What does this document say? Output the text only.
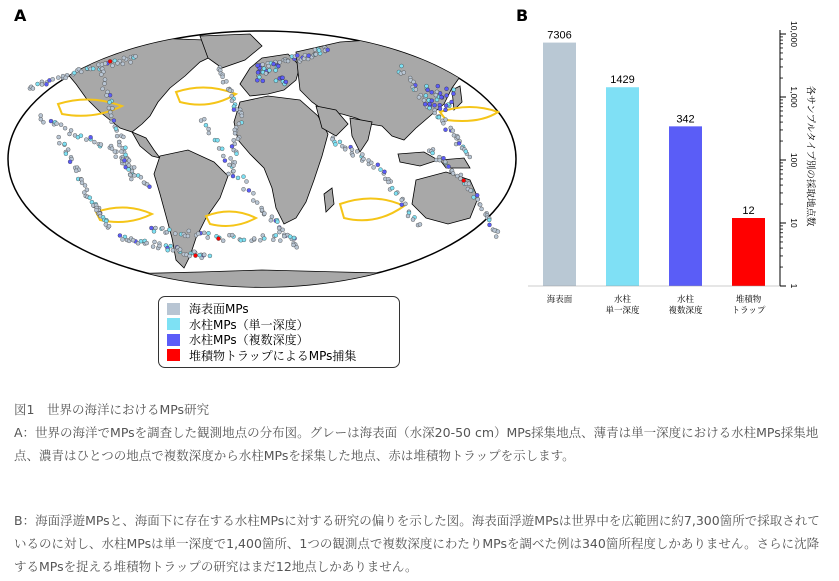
A	B
海表面MPs
水柱MPs（単一深度）
水柱MPs（複数深度）
堆積物トラップによるMPs捕集
1
10
100
1,000
10,000
各サンプルタイプ別の採取地点数
7306
海表面
1429
水柱
単一深度
342
水柱
複数深度
12
堆積物
トラップ
図1　世界の海洋におけるMPs研究
A：世界の海洋でMPsを調査した観測地点の分布図。グレーは海表面（水深20-50 cm）MPs採集地点、薄青は単一深度における水柱MPs採集地点、濃青はひとつの地点で複数深度から水柱MPsを採集した地点、赤は堆積物トラップを示します。
B：海面浮遊MPsと、海面下に存在する水柱MPsに対する研究の偏りを示した図。海表面浮遊MPsは世界中を広範囲に約7,300箇所で採取されているのに対し、水柱MPsは単一深度で1,400箇所、1つの観測点で複数深度にわたりMPsを調べた例は340箇所程度しかありません。さらに沈降するMPsを捉える堆積物トラップの研究はまだ12地点しかありません。
